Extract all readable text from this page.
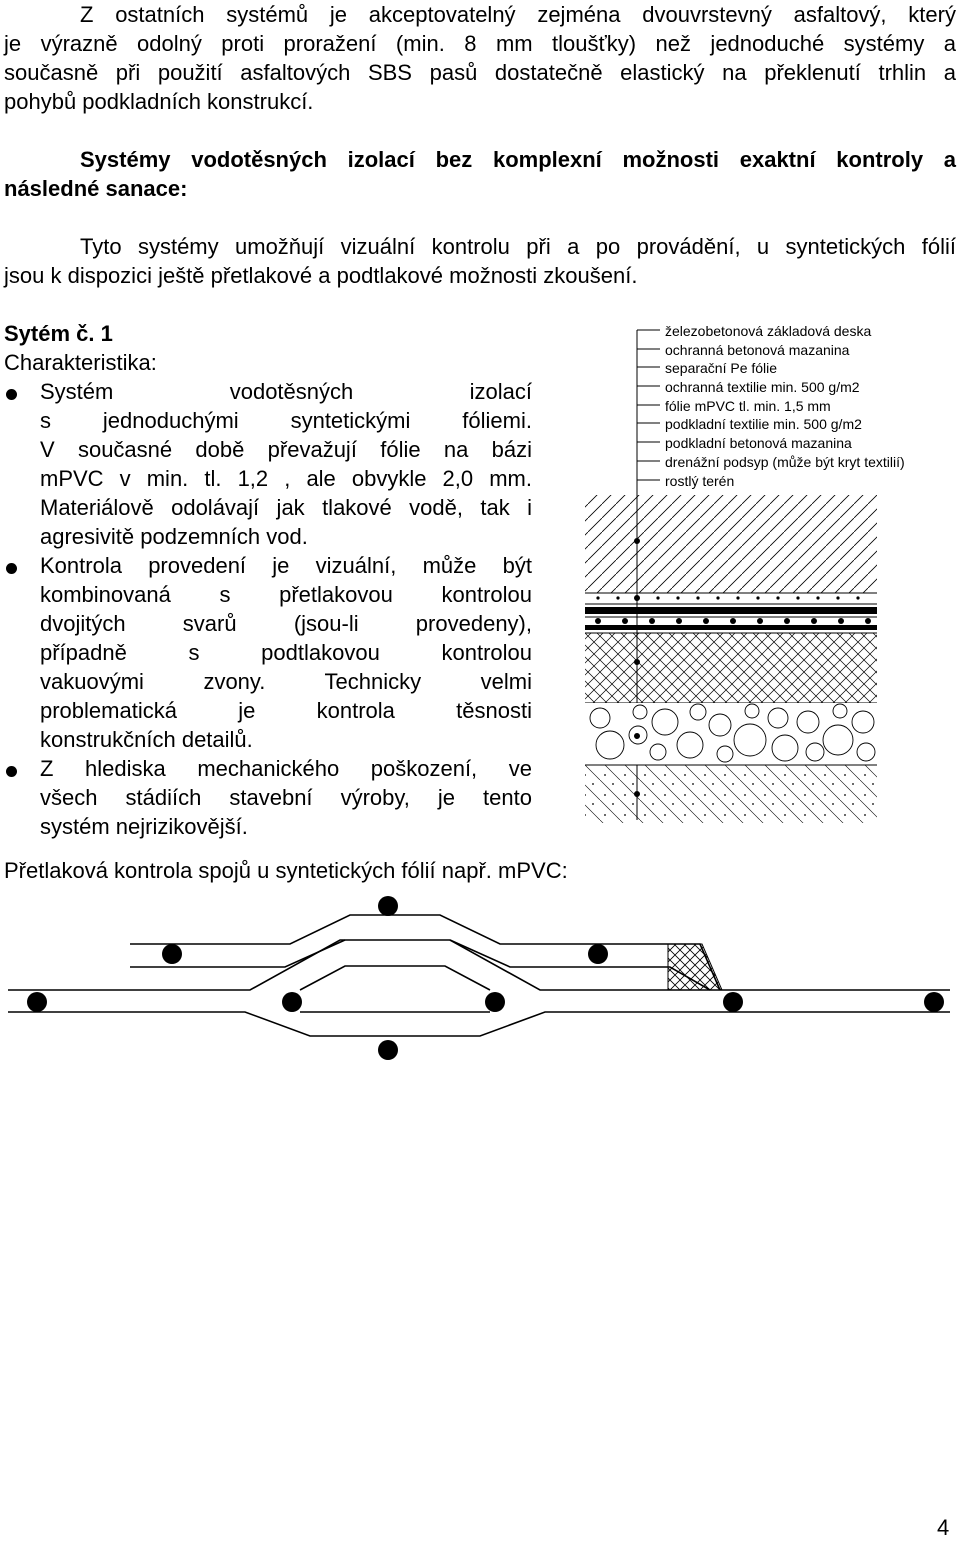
Z ostatních systémů je akceptovatelný zejména dvouvrstevný asfaltový, který
je výrazně odolný proti proražení (min. 8 mm tloušťky) než jednoduché systémy a
současně při použití asfaltových SBS pasů dostatečně elastický na překlenutí trhlin a
pohybů podkladních konstrukcí.
Systémy vodotěsných izolací bez komplexní možnosti exaktní kontroly a
následné sanace:
Tyto systémy umožňují vizuální kontrolu při a po provádění, u syntetických fólií
jsou k dispozici ještě přetlakové a podtlakové možnosti zkoušení.
Sytém č. 1
Charakteristika:
Systém vodotěsných izolací
s jednoduchými syntetickými fóliemi.
V současné době převažují fólie na bázi
mPVC v min. tl. 1,2 , ale obvykle 2,0 mm.
Materiálově odolávají jak tlakové vodě, tak i
agresivitě podzemních vod.
Kontrola provedení je vizuální, může být
kombinovaná s přetlakovou kontrolou
dvojitých svarů (jsou-li provedeny),
případně s podtlakovou kontrolou
vakuovými zvony. Technicky velmi
problematická je kontrola těsnosti
konstrukčních detailů.
Z hlediska mechanického poškození, ve
všech stádiích stavební výroby, je tento
systém nejrizikovější.
železobetonová základová deska
ochranná betonová mazanina
separační Pe fólie
ochranná textilie min. 500 g/m2
fólie mPVC tl. min. 1,5 mm
podkladní textilie min. 500 g/m2
podkladní betonová mazanina
drenážní podsyp (může být kryt textilií)
rostlý terén
Přetlaková kontrola spojů u syntetických fólií např. mPVC:
4
